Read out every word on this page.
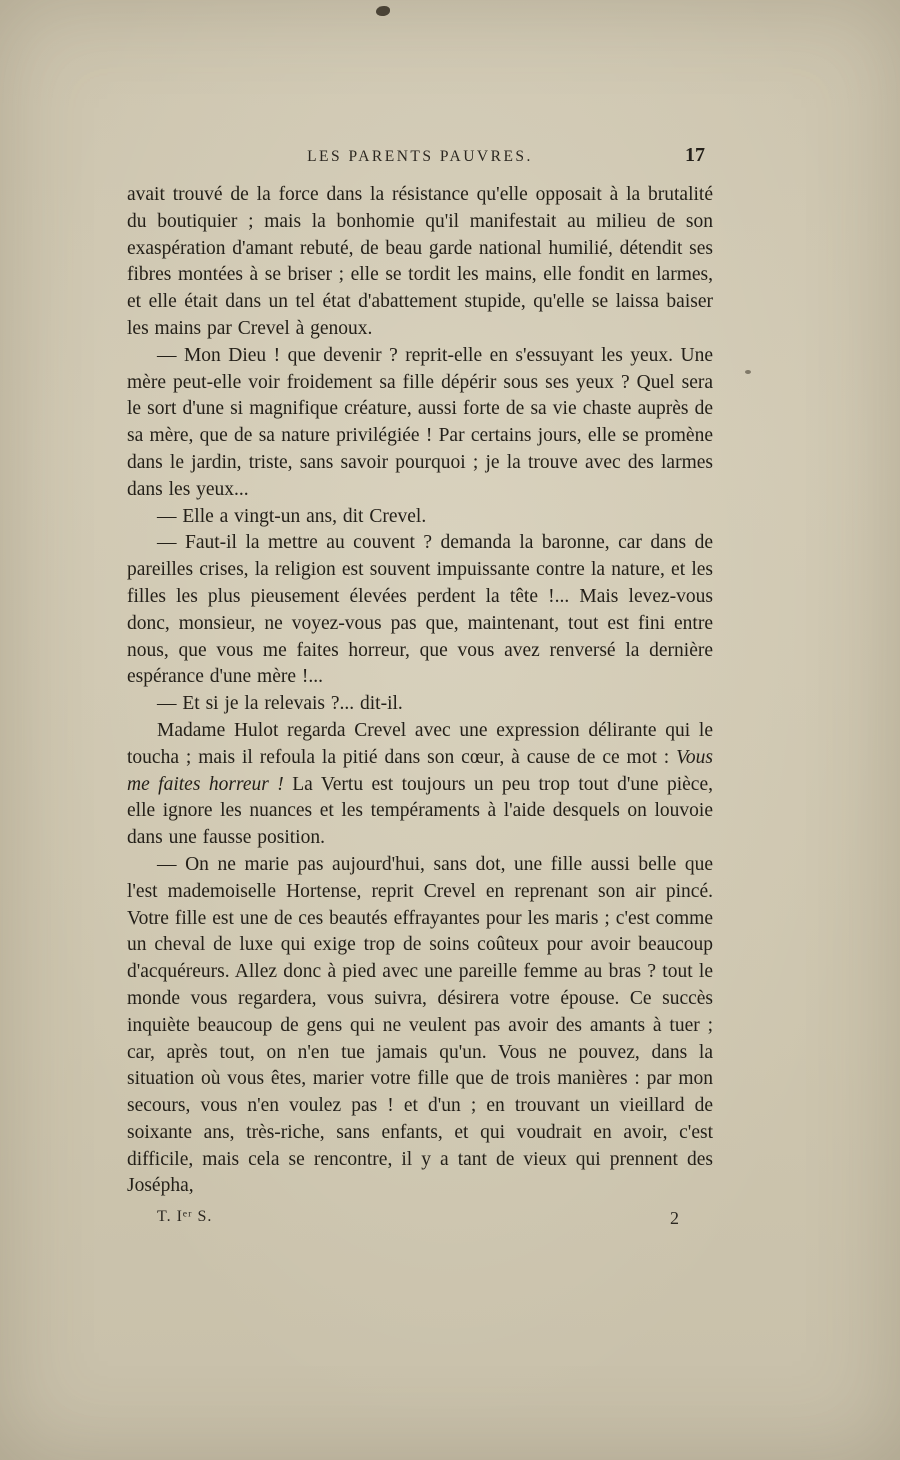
LES PARENTS PAUVRES.	17

avait trouvé de la force dans la résistance qu'elle opposait à la brutalité du boutiquier ; mais la bonhomie qu'il manifestait au milieu de son exaspération d'amant rebuté, de beau garde national humilié, détendit ses fibres montées à se briser ; elle se tordit les mains, elle fondit en larmes, et elle était dans un tel état d'abattement stupide, qu'elle se laissa baiser les mains par Crevel à genoux.

— Mon Dieu ! que devenir ? reprit-elle en s'essuyant les yeux. Une mère peut-elle voir froidement sa fille dépérir sous ses yeux ? Quel sera le sort d'une si magnifique créature, aussi forte de sa vie chaste auprès de sa mère, que de sa nature privilégiée ! Par certains jours, elle se promène dans le jardin, triste, sans savoir pourquoi ; je la trouve avec des larmes dans les yeux...

— Elle a vingt-un ans, dit Crevel.

— Faut-il la mettre au couvent ? demanda la baronne, car dans de pareilles crises, la religion est souvent impuissante contre la nature, et les filles les plus pieusement élevées perdent la tête !... Mais levez-vous donc, monsieur, ne voyez-vous pas que, maintenant, tout est fini entre nous, que vous me faites horreur, que vous avez renversé la dernière espérance d'une mère !...

— Et si je la relevais ?... dit-il.

Madame Hulot regarda Crevel avec une expression délirante qui le toucha ; mais il refoula la pitié dans son cœur, à cause de ce mot : Vous me faites horreur ! La Vertu est toujours un peu trop tout d'une pièce, elle ignore les nuances et les tempéraments à l'aide desquels on louvoie dans une fausse position.

— On ne marie pas aujourd'hui, sans dot, une fille aussi belle que l'est mademoiselle Hortense, reprit Crevel en reprenant son air pincé. Votre fille est une de ces beautés effrayantes pour les maris ; c'est comme un cheval de luxe qui exige trop de soins coûteux pour avoir beaucoup d'acquéreurs. Allez donc à pied avec une pareille femme au bras ? tout le monde vous regardera, vous suivra, désirera votre épouse. Ce succès inquiète beaucoup de gens qui ne veulent pas avoir des amants à tuer ; car, après tout, on n'en tue jamais qu'un. Vous ne pouvez, dans la situation où vous êtes, marier votre fille que de trois manières : par mon secours, vous n'en voulez pas ! et d'un ; en trouvant un vieillard de soixante ans, très-riche, sans enfants, et qui voudrait en avoir, c'est difficile, mais cela se rencontre, il y a tant de vieux qui prennent des Josépha,

T. Iᵉʳ S.	2
